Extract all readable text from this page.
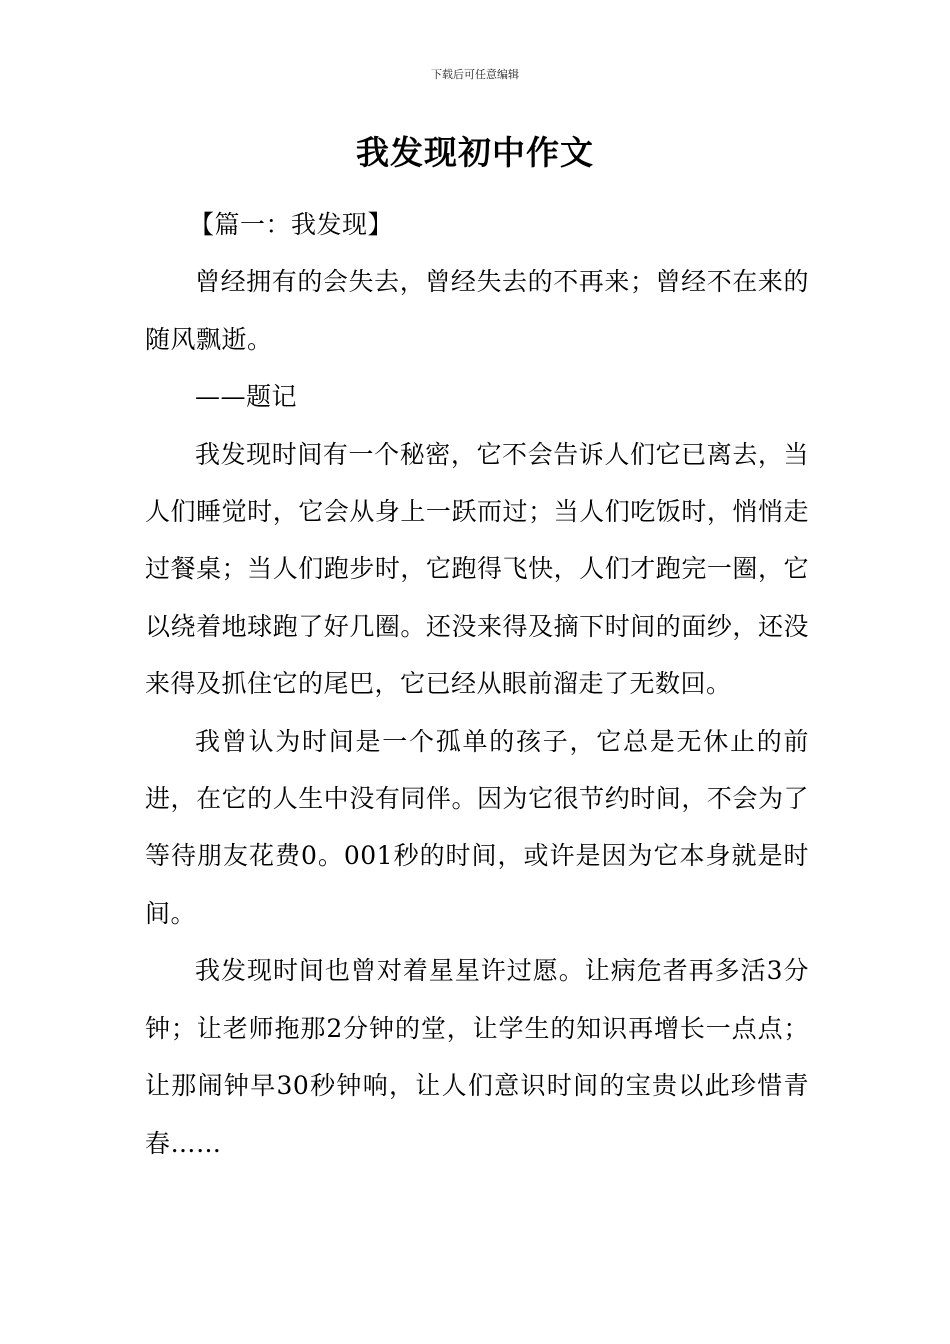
下载后可任意编辑
我发现初中作文

【篇一：我发现】

曾经拥有的会失去，曾经失去的不再来；曾经不在来的随风飘逝。

——题记

我发现时间有一个秘密，它不会告诉人们它已离去，当人们睡觉时，它会从身上一跃而过；当人们吃饭时，悄悄走过餐桌；当人们跑步时，它跑得飞快，人们才跑完一圈，它以绕着地球跑了好几圈。还没来得及摘下时间的面纱，还没来得及抓住它的尾巴，它已经从眼前溜走了无数回。

我曾认为时间是一个孤单的孩子，它总是无休止的前进，在它的人生中没有同伴。因为它很节约时间，不会为了等待朋友花费0。001秒的时间，或许是因为它本身就是时间。

我发现时间也曾对着星星许过愿。让病危者再多活3分钟；让老师拖那2分钟的堂，让学生的知识再增长一点点；让那闹钟早30秒钟响，让人们意识时间的宝贵以此珍惜青春……
